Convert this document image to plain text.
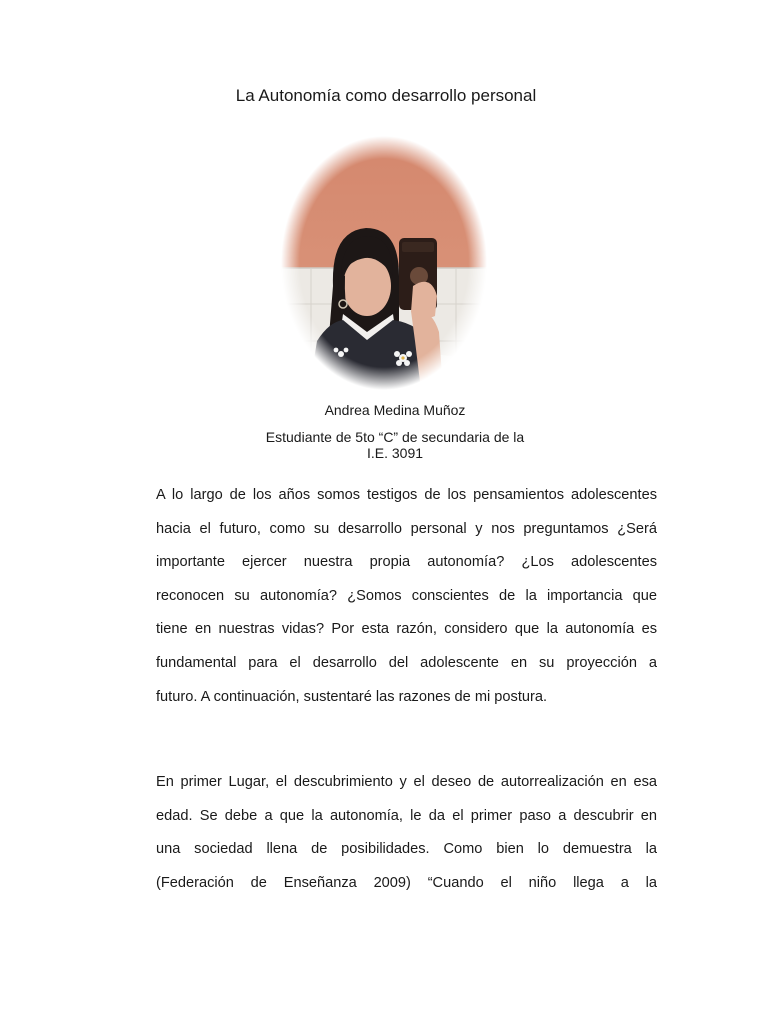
La Autonomía como desarrollo personal
Andrea Medina Muñoz
Estudiante de 5to “C” de secundaria de la
I.E. 3091
A lo largo de los años somos testigos de los pensamientos adolescentes
hacia el futuro, como su desarrollo personal y nos preguntamos ¿Será
importante ejercer nuestra propia autonomía? ¿Los adolescentes
reconocen su autonomía? ¿Somos conscientes de la importancia que
tiene en nuestras vidas? Por esta razón, considero que la autonomía es
fundamental para el desarrollo del adolescente en su proyección a
futuro. A continuación, sustentaré las razones de mi postura.
En primer Lugar, el descubrimiento y el deseo de autorrealización en esa
edad. Se debe a que la autonomía, le da el primer paso a descubrir en
una sociedad llena de posibilidades. Como bien lo demuestra la
(Federación de Enseñanza 2009) “Cuando el niño llega a la
